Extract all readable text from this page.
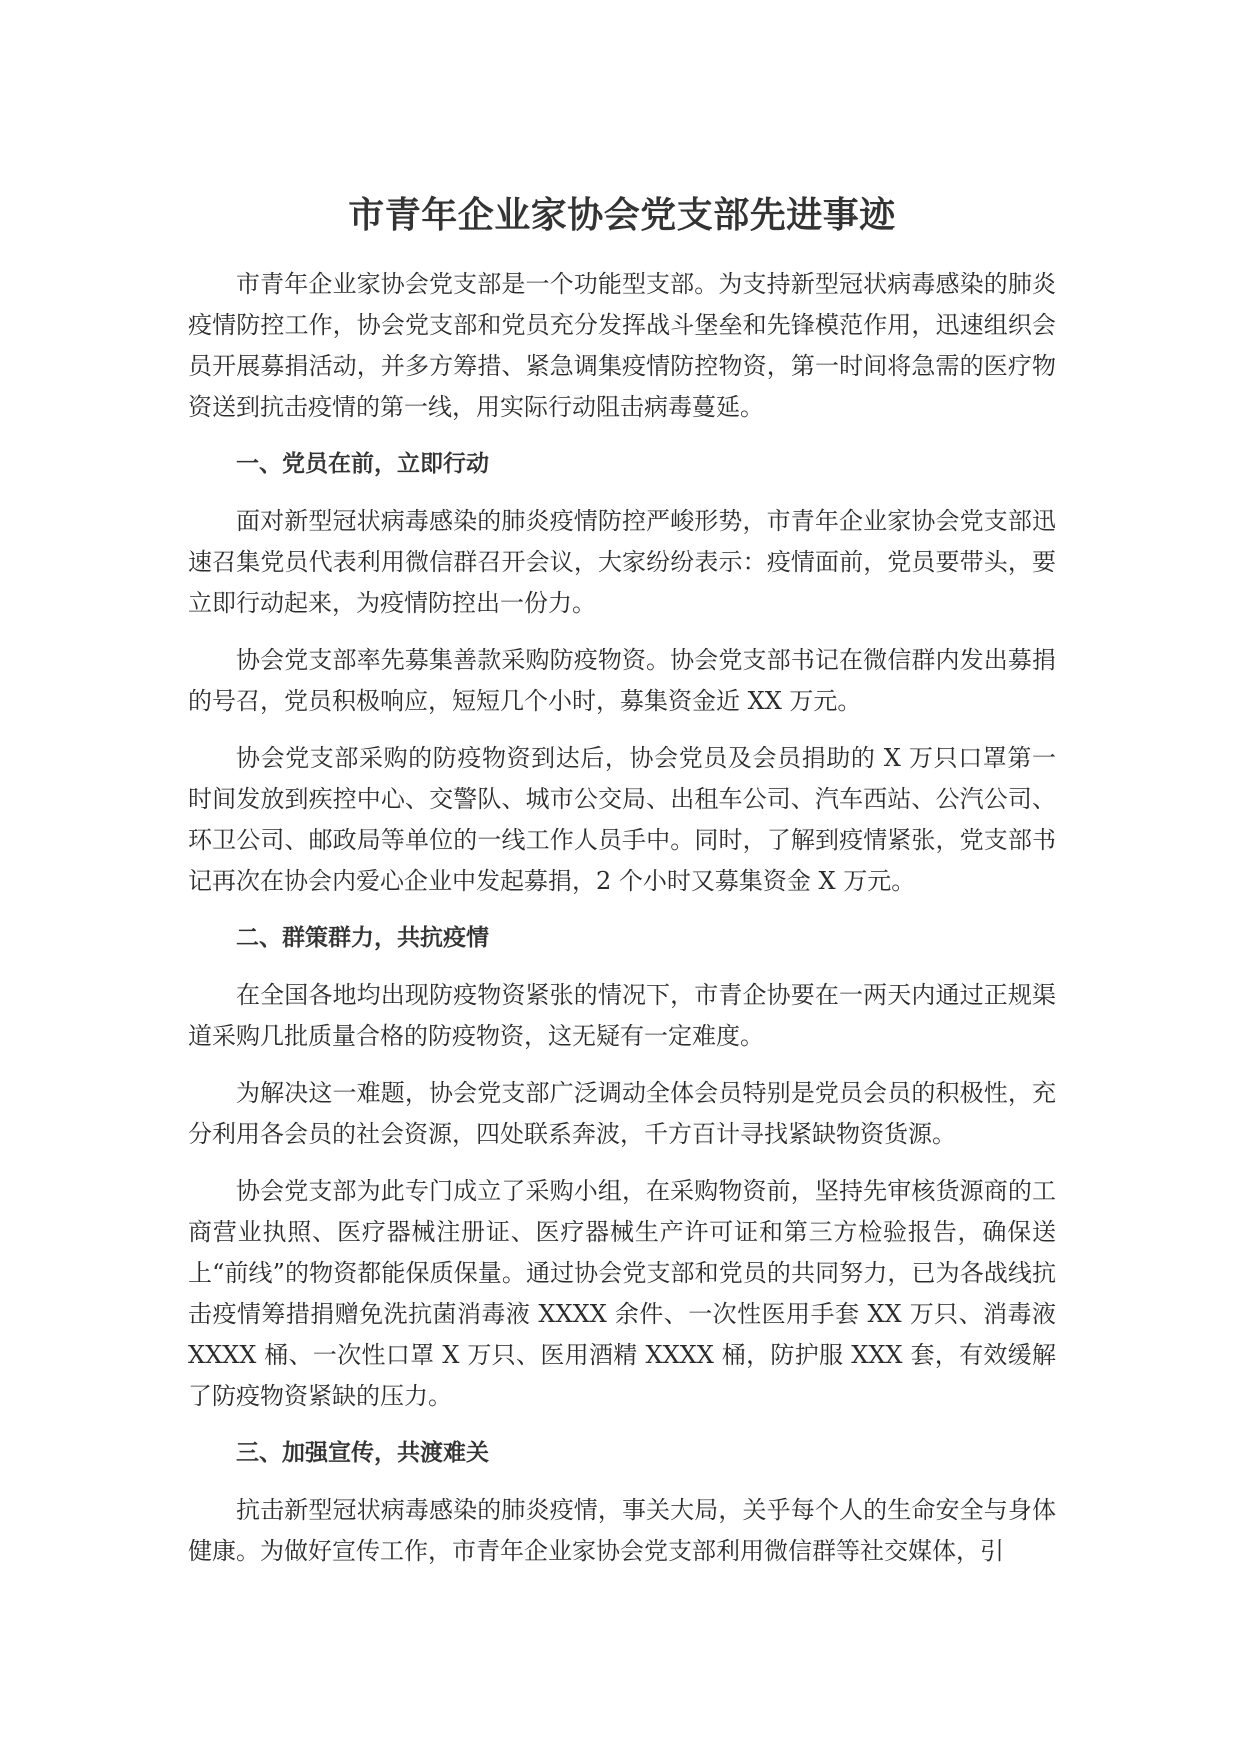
市青年企业家协会党支部先进事迹

市青年企业家协会党支部是一个功能型支部。为支持新型冠状病毒感染的肺炎疫情防控工作，协会党支部和党员充分发挥战斗堡垒和先锋模范作用，迅速组织会员开展募捐活动，并多方筹措、紧急调集疫情防控物资，第一时间将急需的医疗物资送到抗击疫情的第一线，用实际行动阻击病毒蔓延。

一、党员在前，立即行动

面对新型冠状病毒感染的肺炎疫情防控严峻形势，市青年企业家协会党支部迅速召集党员代表利用微信群召开会议，大家纷纷表示：疫情面前，党员要带头，要立即行动起来，为疫情防控出一份力。

协会党支部率先募集善款采购防疫物资。协会党支部书记在微信群内发出募捐的号召，党员积极响应，短短几个小时，募集资金近 XX 万元。

协会党支部采购的防疫物资到达后，协会党员及会员捐助的 X 万只口罩第一时间发放到疾控中心、交警队、城市公交局、出租车公司、汽车西站、公汽公司、环卫公司、邮政局等单位的一线工作人员手中。同时，了解到疫情紧张，党支部书记再次在协会内爱心企业中发起募捐，2 个小时又募集资金 X 万元。

二、群策群力，共抗疫情

在全国各地均出现防疫物资紧张的情况下，市青企协要在一两天内通过正规渠道采购几批质量合格的防疫物资，这无疑有一定难度。

为解决这一难题，协会党支部广泛调动全体会员特别是党员会员的积极性，充分利用各会员的社会资源，四处联系奔波，千方百计寻找紧缺物资货源。

协会党支部为此专门成立了采购小组，在采购物资前，坚持先审核货源商的工商营业执照、医疗器械注册证、医疗器械生产许可证和第三方检验报告，确保送上“前线”的物资都能保质保量。通过协会党支部和党员的共同努力，已为各战线抗击疫情筹措捐赠免洗抗菌消毒液 XXXX 余件、一次性医用手套 XX 万只、消毒液 XXXX 桶、一次性口罩 X 万只、医用酒精 XXXX 桶，防护服 XXX 套，有效缓解了防疫物资紧缺的压力。

三、加强宣传，共渡难关

抗击新型冠状病毒感染的肺炎疫情，事关大局，关乎每个人的生命安全与身体健康。为做好宣传工作，市青年企业家协会党支部利用微信群等社交媒体，引
